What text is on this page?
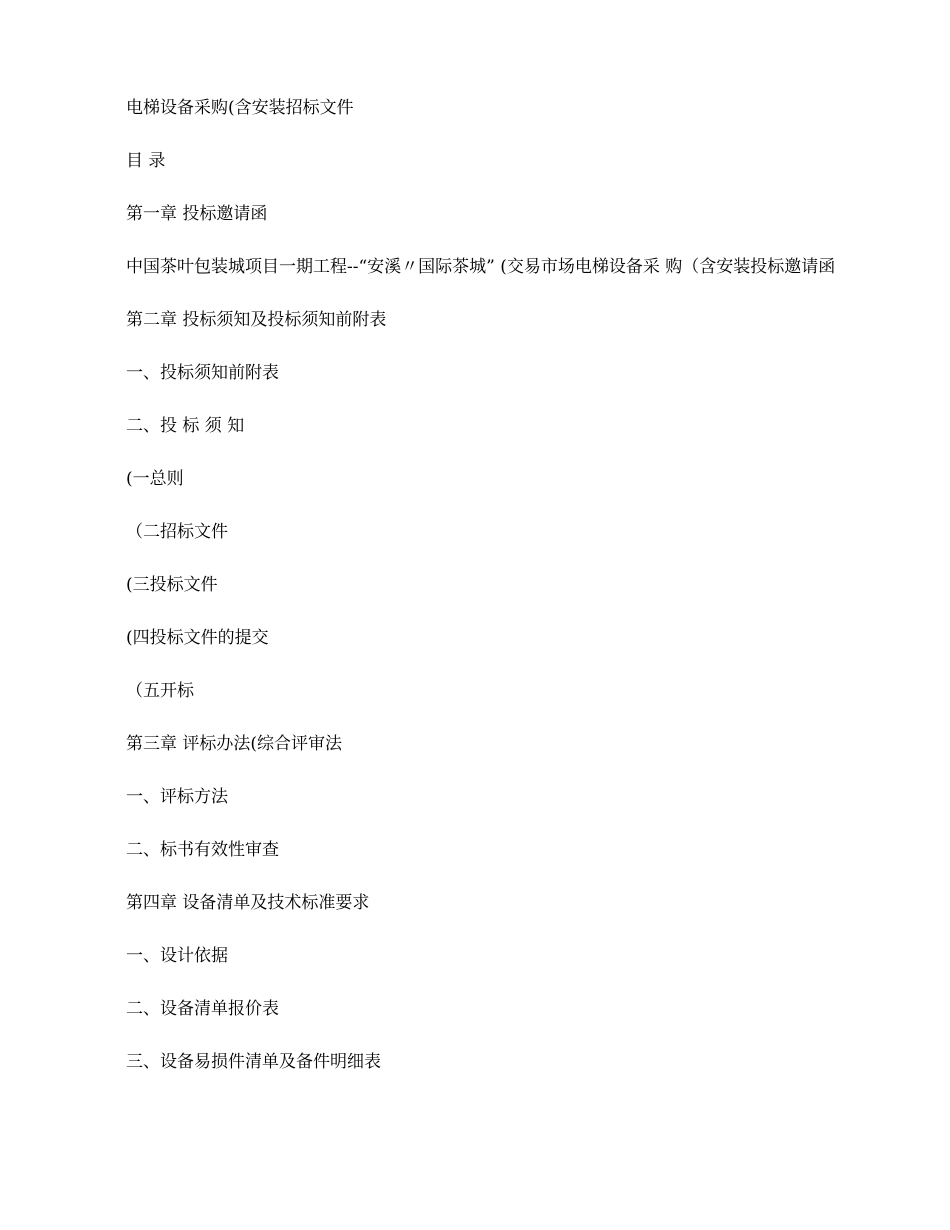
电梯设备采购(含安装招标文件

目 录

第一章 投标邀请函

中国茶叶包装城项目一期工程--“安溪〃国际茶城” (交易市场电梯设备采 购（含安装投标邀请函

第二章 投标须知及投标须知前附表

一、投标须知前附表

二、投 标 须 知

(一总则

（二招标文件

(三投标文件

(四投标文件的提交

（五开标

第三章 评标办法(综合评审法

一、评标方法

二、标书有效性审查

第四章 设备清单及技术标准要求

一、设计依据

二、设备清单报价表

三、设备易损件清单及备件明细表
